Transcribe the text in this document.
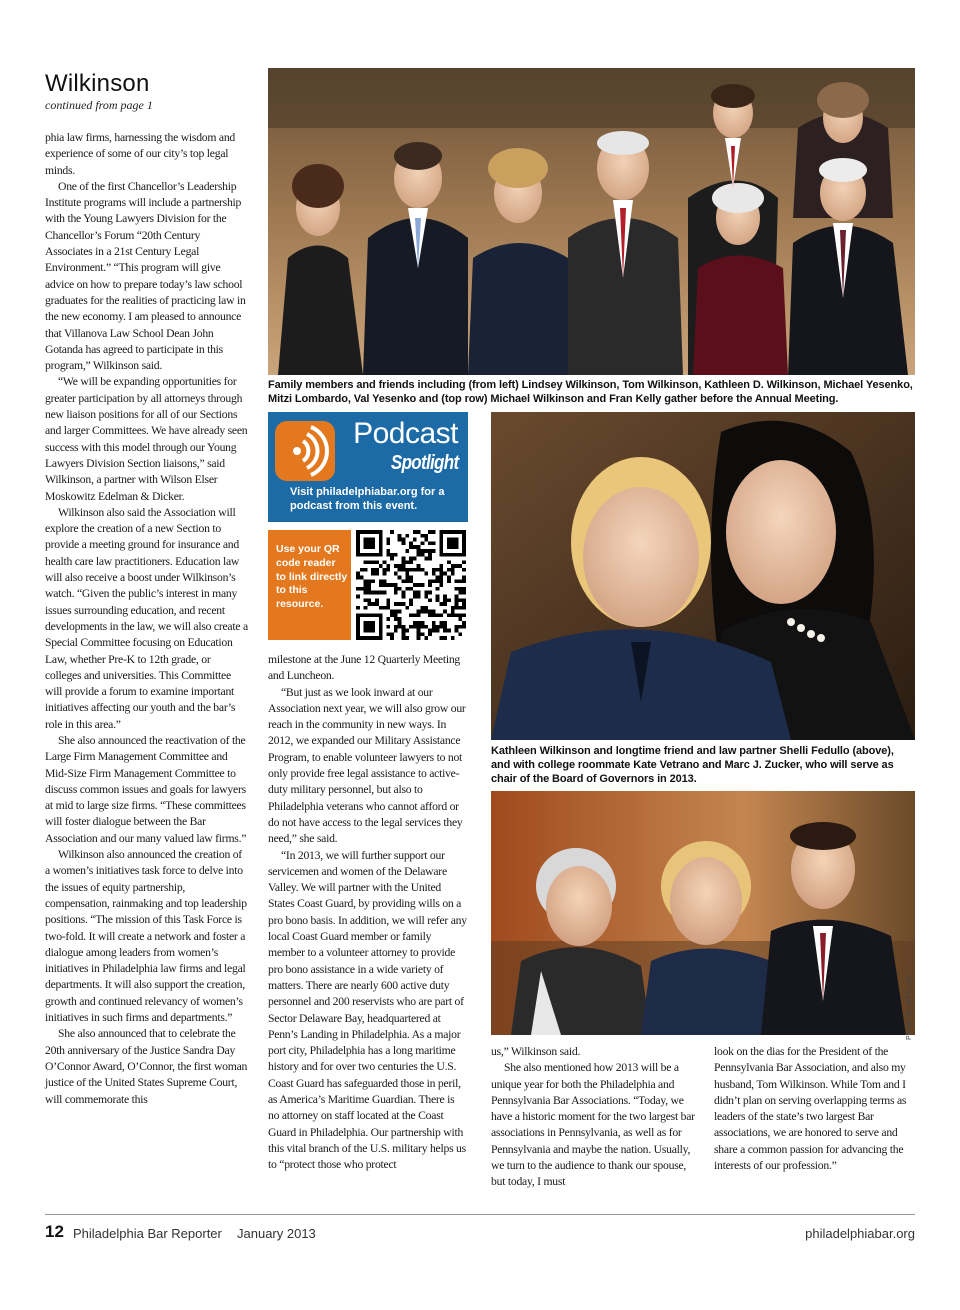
Wilkinson
continued from page 1

phia law firms, harnessing the wisdom and experience of some of our city’s top legal minds.

One of the first Chancellor’s Leadership Institute programs will include a partnership with the Young Lawyers Division for the Chancellor’s Forum “20th Century Associates in a 21st Century Legal Environment.” “This program will give advice on how to prepare today’s law school graduates for the realities of practicing law in the new economy. I am pleased to announce that Villanova Law School Dean John Gotanda has agreed to participate in this program,” Wilkinson said.

“We will be expanding opportunities for greater participation by all attorneys through new liaison positions for all of our Sections and larger Committees. We have already seen success with this model through our Young Lawyers Division Section liaisons,” said Wilkinson, a partner with Wilson Elser Moskowitz Edelman & Dicker.

Wilkinson also said the Association will explore the creation of a new Section to provide a meeting ground for insurance and health care law practitioners. Education law will also receive a boost under Wilkinson’s watch. “Given the public’s interest in many issues surrounding education, and recent developments in the law, we will also create a Special Committee focusing on Education Law, whether Pre-K to 12th grade, or colleges and universities. This Committee will provide a forum to examine important initiatives affecting our youth and the bar’s role in this area.”

She also announced the reactivation of the Large Firm Management Committee and Mid-Size Firm Management Committee to discuss common issues and goals for lawyers at mid to large size firms. “These committees will foster dialogue between the Bar Association and our many valued law firms.”

Wilkinson also announced the creation of a women’s initiatives task force to delve into the issues of equity partnership, compensation, rainmaking and top leadership positions. “The mission of this Task Force is two-fold. It will create a network and foster a dialogue among leaders from women’s initiatives in Philadelphia law firms and legal departments. It will also support the creation, growth and continued relevancy of women’s initiatives in such firms and departments.”

She also announced that to celebrate the 20th anniversary of the Justice Sandra Day O’Connor Award, O’Connor, the first woman justice of the United States Supreme Court, will commemorate this

milestone at the June 12 Quarterly Meeting and Luncheon.

“But just as we look inward at our Association next year, we will also grow our reach in the community in new ways. In 2012, we expanded our Military Assistance Program, to enable volunteer lawyers to not only provide free legal assistance to active-duty military personnel, but also to Philadelphia veterans who cannot afford or do not have access to the legal services they need,” she said.

“In 2013, we will further support our servicemen and women of the Delaware Valley. We will partner with the United States Coast Guard, by providing wills on a pro bono basis. In addition, we will refer any local Coast Guard member or family member to a volunteer attorney to provide pro bono assistance in a wide variety of matters. There are nearly 600 active duty personnel and 200 reservists who are part of Sector Delaware Bay, headquartered at Penn’s Landing in Philadelphia. As a major port city, Philadelphia has a long maritime history and for over two centuries the U.S. Coast Guard has safeguarded those in peril, as America’s Maritime Guardian. There is no attorney on staff located at the Coast Guard in Philadelphia. Our partnership with this vital branch of the U.S. military helps us to “protect those who protect

us,” Wilkinson said.

She also mentioned how 2013 will be a unique year for both the Philadelphia and Pennsylvania Bar Associations. “Today, we have a historic moment for the two largest bar associations in Pennsylvania, as well as for Pennsylvania and maybe the nation. Usually, we turn to the audience to thank our spouse, but today, I must

look on the dias for the President of the Pennsylvania Bar Association, and also my husband, Tom Wilkinson. While Tom and I didn’t plan on serving overlapping terms as leaders of the state’s two largest Bar associations, we are honored to serve and share a common passion for advancing the interests of our profession.”

Family members and friends including (from left) Lindsey Wilkinson, Tom Wilkinson, Kathleen D. Wilkinson, Michael Yesenko, Mitzi Lombardo, Val Yesenko and (top row) Michael Wilkinson and Fran Kelly gather before the Annual Meeting.
Podcast
Spotlight
Visit philadelphiabar.org for a podcast from this event.
Use your QR code reader to link directly to this resource.
Kathleen Wilkinson and longtime friend and law partner Shelli Fedullo (above), and with college roommate Kate Vetrano and Marc J. Zucker, who will serve as chair of the Board of Governors in 2013.
Photos by Jeff Lyons
12 Philadelphia Bar Reporter January 2013	philadelphiabar.org
